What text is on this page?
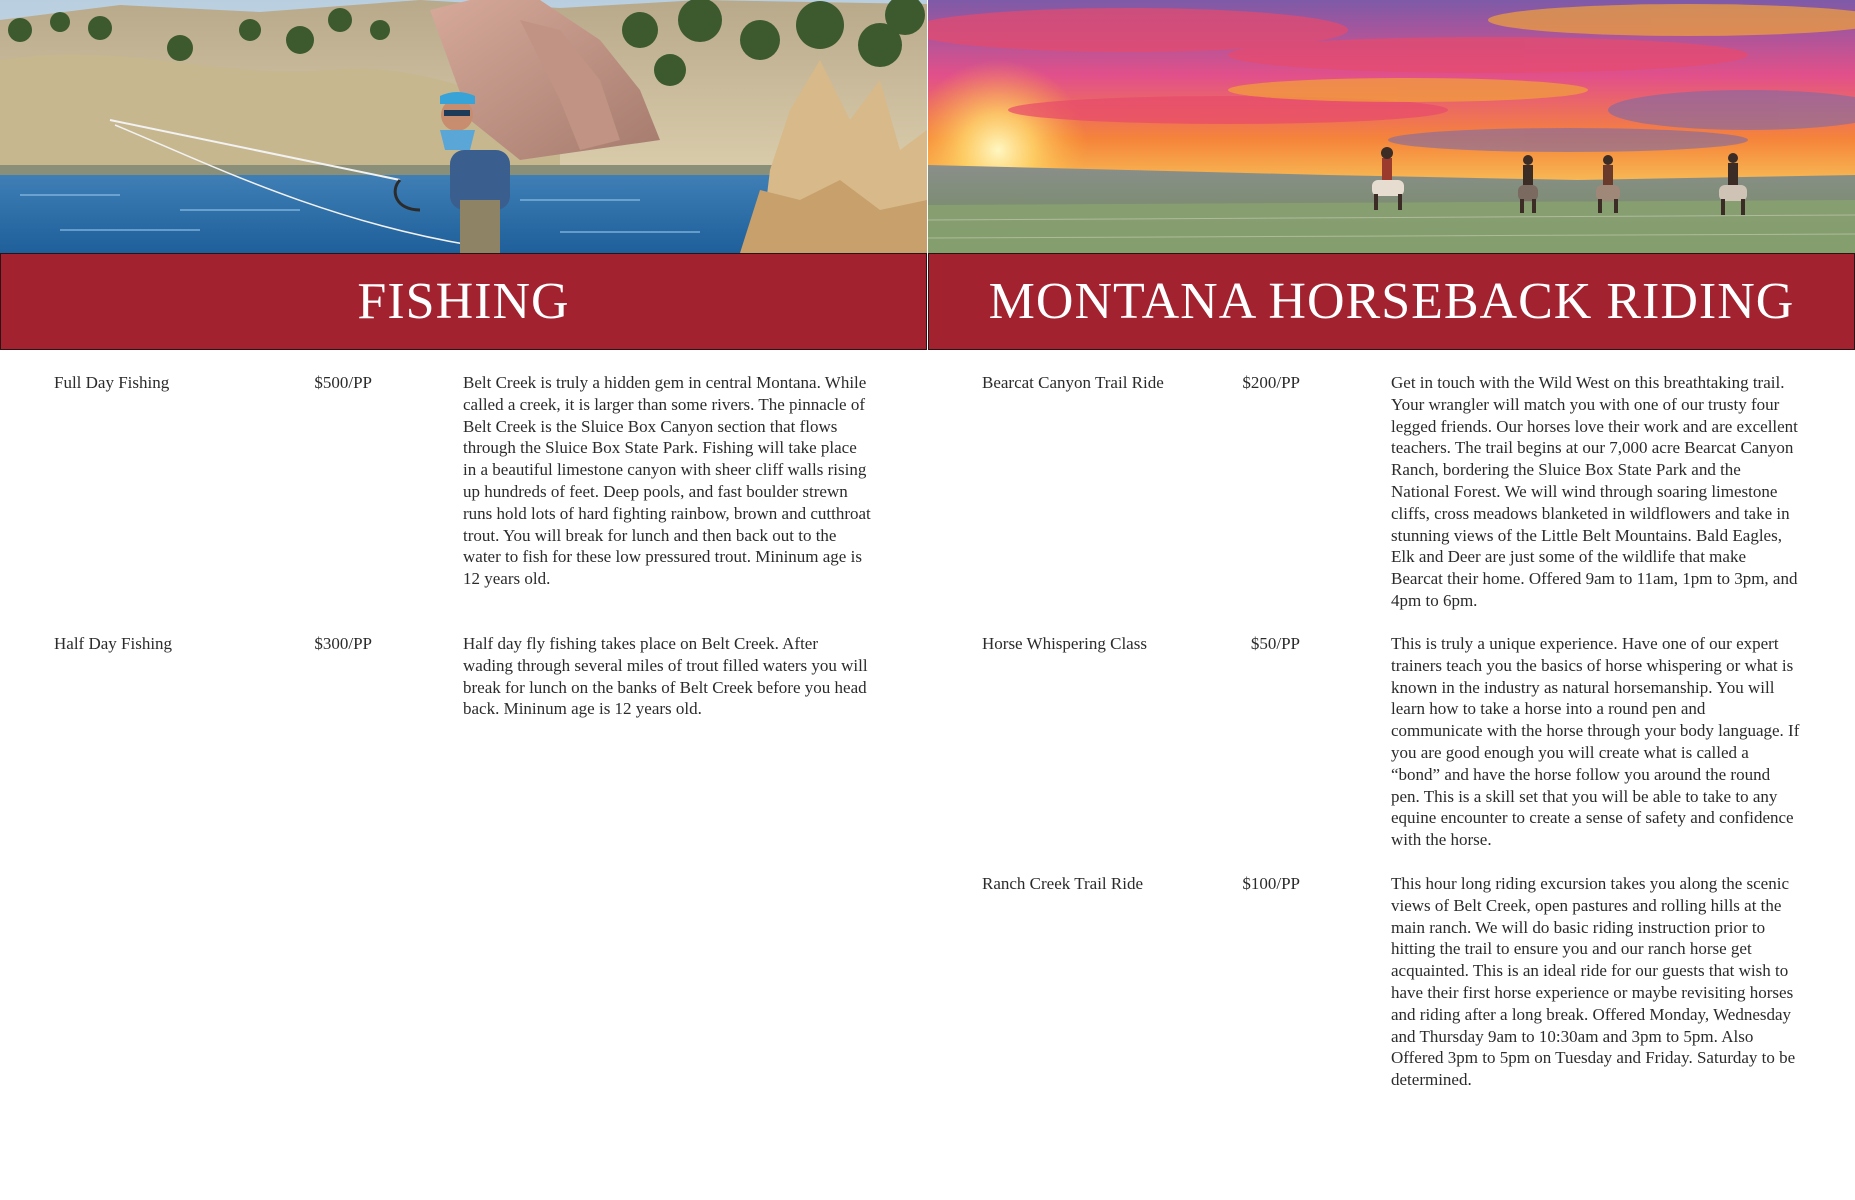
FISHING
Full Day Fishing	$500/PP	Belt Creek is truly a hidden gem in central Montana. While called a creek, it is larger than some rivers. The pinnacle of Belt Creek is the Sluice Box Canyon section that flows through the Sluice Box State Park. Fishing will take place in a beautiful limestone canyon with sheer cliff walls rising up hundreds of feet. Deep pools, and fast boulder strewn runs hold lots of hard fighting rainbow, brown and cutthroat trout. You will break for lunch and then back out to the water to fish for these low pressured trout. Mininum age is 12 years old.
Half Day Fishing	$300/PP	Half day fly fishing takes place on Belt Creek. After wading through several miles of trout filled waters you will break for lunch on the banks of Belt Creek before you head back. Mininum age is 12 years old.
MONTANA HORSEBACK RIDING
Bearcat Canyon Trail Ride	$200/PP	Get in touch with the Wild West on this breathtaking trail. Your wrangler will match you with one of our trusty four legged friends. Our horses love their work and are excellent teachers. The trail begins at our 7,000 acre Bearcat Canyon Ranch, bordering the Sluice Box State Park and the National Forest. We will wind through soaring limestone cliffs, cross meadows blanketed in wildflowers and take in stunning views of the Little Belt Mountains. Bald Eagles, Elk and Deer are just some of the wildlife that make Bearcat their home. Offered 9am to 11am, 1pm to 3pm, and 4pm to 6pm.
Horse Whispering Class	$50/PP	This is truly a unique experience. Have one of our expert trainers teach you the basics of horse whispering or what is known in the industry as natural horsemanship. You will learn how to take a horse into a round pen and communicate with the horse through your body language. If you are good enough you will create what is called a “bond” and have the horse follow you around the round pen. This is a skill set that you will be able to take to any equine encounter to create a sense of safety and confidence with the horse.
Ranch Creek Trail Ride	$100/PP	This hour long riding excursion takes you along the scenic views of Belt Creek, open pastures and rolling hills at the main ranch. We will do basic riding instruction prior to hitting the trail to ensure you and our ranch horse get acquainted. This is an ideal ride for our guests that wish to have their first horse experience or maybe revisiting horses and riding after a long break. Offered Monday, Wednesday and Thursday 9am to 10:30am and 3pm to 5pm. Also Offered 3pm to 5pm on Tuesday and Friday. Saturday to be determined.
